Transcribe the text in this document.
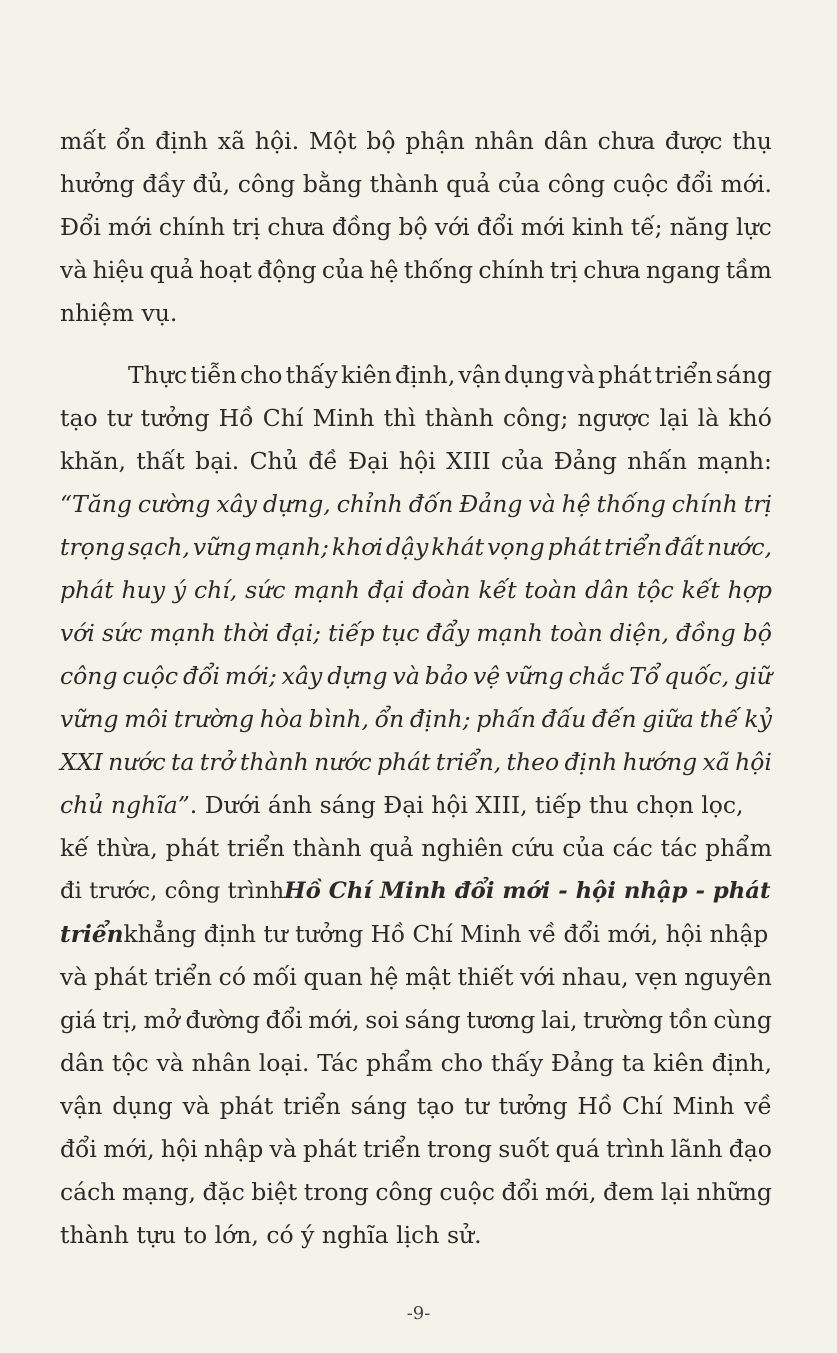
mất ổn định xã hội. Một bộ phận nhân dân chưa được thụ
hưởng đầy đủ, công bằng thành quả của công cuộc đổi mới.
Đổi mới chính trị chưa đồng bộ với đổi mới kinh tế; năng lực
và hiệu quả hoạt động của hệ thống chính trị chưa ngang tầm
nhiệm vụ.
Thực tiễn cho thấy kiên định, vận dụng và phát triển sáng
tạo tư tưởng Hồ Chí Minh thì thành công; ngược lại là khó
khăn, thất bại. Chủ đề Đại hội XIII của Đảng nhấn mạnh:
“Tăng cường xây dựng, chỉnh đốn Đảng và hệ thống chính trị
trọng sạch, vững mạnh; khơi dậy khát vọng phát triển đất nước,
phát huy ý chí, sức mạnh đại đoàn kết toàn dân tộc kết hợp
với sức mạnh thời đại; tiếp tục đẩy mạnh toàn diện, đồng bộ
công cuộc đổi mới; xây dựng và bảo vệ vững chắc Tổ quốc, giữ
vững môi trường hòa bình, ổn định; phấn đấu đến giữa thế kỷ
XXI nước ta trở thành nước phát triển, theo định hướng xã hội
chủ nghĩa” . Dưới ánh sáng Đại hội XIII, tiếp thu chọn lọc,
kế thừa, phát triển thành quả nghiên cứu của các tác phẩm
đi trước, công trình Hồ Chí Minh đổi mới - hội nhập - phát
triển khẳng định tư tưởng Hồ Chí Minh về đổi mới, hội nhập
và phát triển có mối quan hệ mật thiết với nhau, vẹn nguyên
giá trị, mở đường đổi mới, soi sáng tương lai, trường tồn cùng
dân tộc và nhân loại. Tác phẩm cho thấy Đảng ta kiên định,
vận dụng và phát triển sáng tạo tư tưởng Hồ Chí Minh về
đổi mới, hội nhập và phát triển trong suốt quá trình lãnh đạo
cách mạng, đặc biệt trong công cuộc đổi mới, đem lại những
thành tựu to lớn, có ý nghĩa lịch sử.
-9-
